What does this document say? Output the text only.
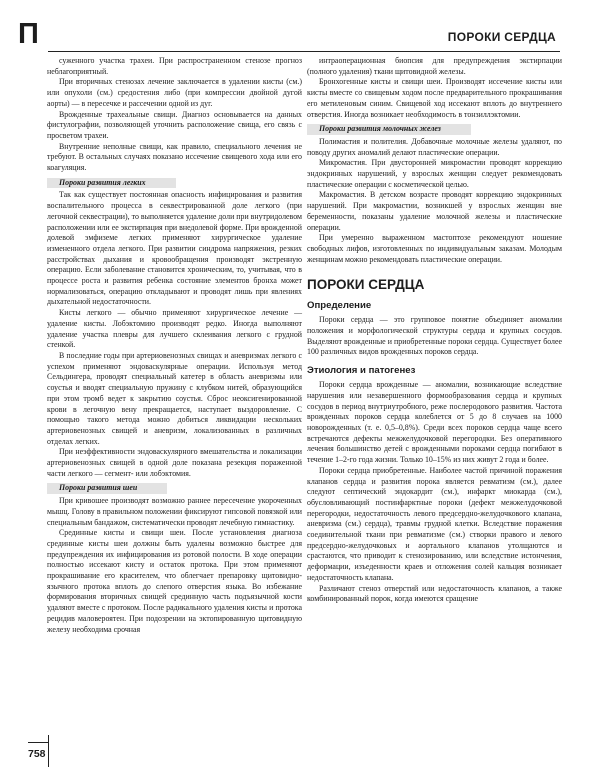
П	ПОРОКИ СЕРДЦА

суженного участка трахеи. При распространенном стенозе прогноз неблагоприятный.

При вторичных стенозах лечение заключается в удалении кисты (см.) или опухоли (см.) средостения либо (при компрессии двойной дугой аорты) — в пересечке и рассечении одной из дуг.

Врожденные трахеальные свищи. Диагноз основывается на данных фистулографии, позволяющей уточнить расположение свища, его связь с просветом трахеи.

Внутренние неполные свищи, как правило, специального лечения не требуют. В остальных случаях показано иссечение свищевого хода или его коагуляция.

Пороки развития легких

Так как существует постоянная опасность инфицирования и развития воспалительного процесса в секвестрированной доле легкого (при легочной секвестрации), то выполняется удаление доли при внутридолевом расположении или ее экстирпация при внедолевой форме. При врожденной долевой эмфиземе легких применяют хирургическое удаление измененного отдела легкого. При развитии синдрома напряжения, резких расстройствах дыхания и кровообращения производят экстренную операцию. Если заболевание становится хроническим, то, учитывая, что в процессе роста и развития ребенка состояние элементов бронха может нормализоваться, операцию откладывают и проводят лишь при явлениях дыхательной недостаточности.

Кисты легкого — обычно применяют хирургическое лечение — удаление кисты. Лобэктомию производят редко. Иногда выполняют удаление участка плевры для лучшего склеивания легкого с грудной стенкой.

В последние годы при артериовенозных свищах и аневризмах легкого с успехом применяют эндоваскулярные операции. Используя метод Сельдингера, проводят специальный катетер в область аневризмы или соустья и вводят специальную пружину с клубком нитей, образующийся при этом тромб ведет к закрытию соустья. Сброс неоксигенированной крови в легочную вену прекращается, наступает выздоровление. С помощью такого метода можно добиться ликвидации нескольких артериовенозных свищей и аневризм, локализованных в различных отделах легких.

При неэффективности эндоваскулярного вмешательства и локализации артериовенозных свищей в одной доле показана резекция пораженной части легкого — сегмент- или лобэктомия.

Пороки развития шеи

При кривошее производят возможно раннее пересечение укороченных мышц. Голову в правильном положении фиксируют гипсовой повязкой или специальным бандажом, систематически проводят лечебную гимнастику.

Срединные кисты и свищи шеи. После установления диагноза срединные кисты шеи должны быть удалены возможно быстрее для предупреждения их инфицирования из ротовой полости. В ходе операции полностью иссекают кисту и остаток протока. При этом применяют прокрашивание его красителем, что облегчает препаровку щитовидно-язычного протока вплоть до слепого отверстия языка. Во избежание формирования вторичных свищей срединную часть подъязычной кости удаляют вместе с протоком. После радикального удаления кисты и протока рецидив маловероятен. При подозрении на эктопированную щитовидную железу необходима срочная

интраоперационная биопсия для предупреждения экстирпации (полного удаления) ткани щитовидной железы.

Бронхогенные кисты и свищи шеи. Производят иссечение кисты или кисты вместе со свищевым ходом после предварительного прокрашивания его метиленовым синим. Свищевой ход иссекают вплоть до внутреннего отверстия. Иногда возникает необходимость в тонзиллэктомии.

Пороки развития молочных желез

Полимастия и полителия. Добавочные молочные железы удаляют, по поводу других аномалий делают пластические операции.

Микромастия. При двусторонней микромастии проводят коррекцию эндокринных нарушений, у взрослых женщин следует рекомендовать пластические операции с косметической целью.

Макромастия. В детском возрасте проводят коррекцию эндокринных нарушений. При макромастии, возникшей у взрослых женщин вне беременности, показаны удаление молочной железы и пластические операции.

При умеренно выраженном мастоптозе рекомендуют ношение свободных лифов, изготовленных по индивидуальным заказам. Молодым женщинам можно рекомендовать пластические операции.

ПОРОКИ СЕРДЦА
Определение

Пороки сердца — это групповое понятие объединяет аномалии положения и морфологической структуры сердца и крупных сосудов. Выделяют врожденные и приобретенные пороки сердца. Существует более 100 различных видов врожденных пороков сердца.

Этиология и патогенез

Пороки сердца врожденные — аномалии, возникающие вследствие нарушения или незавершенного формообразования сердца и крупных сосудов в период внутриутробного, реже послеродового развития. Частота врожденных пороков сердца колеблется от 5 до 8 случаев на 1000 новорожденных (т. е. 0,5–0,8%). Среди всех пороков сердца чаще всего встречаются дефекты межжелудочковой перегородки. Без оперативного лечения большинство детей с врожденными пороками сердца погибают в течение 1–2-го года жизни. Только 10–15% из них живут 2 года и более.

Пороки сердца приобретенные. Наиболее частой причиной поражения клапанов сердца и развития порока является ревматизм (см.), далее следуют септический эндокардит (см.), инфаркт миокарда (см.), обусловливающий постинфарктные пороки (дефект межжелудочковой перегородки, недостаточность левого предсердно-желудочкового клапана, аневризма (см.) сердца), травмы грудной клетки. Вследствие поражения соединительной ткани при ревматизме (см.) створки правого и левого предсердно-желудочковых и аортального клапанов утолщаются и срастаются, что приводит к стенозированию, или вследствие истончения, деформации, изъеденности краев и отложения солей кальция возникает недостаточность клапана.

Различают стеноз отверстий или недостаточность клапанов, а также комбинированный порок, когда имеются сращение

758
